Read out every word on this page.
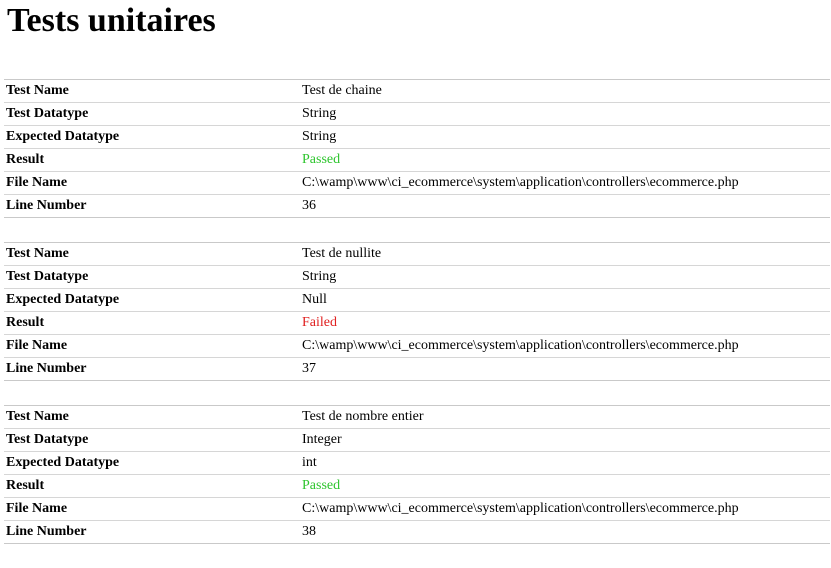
Tests unitaires
Test Name	Test de chaine
Test Datatype	String
Expected Datatype	String
Result	Passed
File Name	C:\wamp\www\ci_ecommerce\system\application\controllers\ecommerce.php
Line Number	36
Test Name	Test de nullite
Test Datatype	String
Expected Datatype	Null
Result	Failed
File Name	C:\wamp\www\ci_ecommerce\system\application\controllers\ecommerce.php
Line Number	37
Test Name	Test de nombre entier
Test Datatype	Integer
Expected Datatype	int
Result	Passed
File Name	C:\wamp\www\ci_ecommerce\system\application\controllers\ecommerce.php
Line Number	38
